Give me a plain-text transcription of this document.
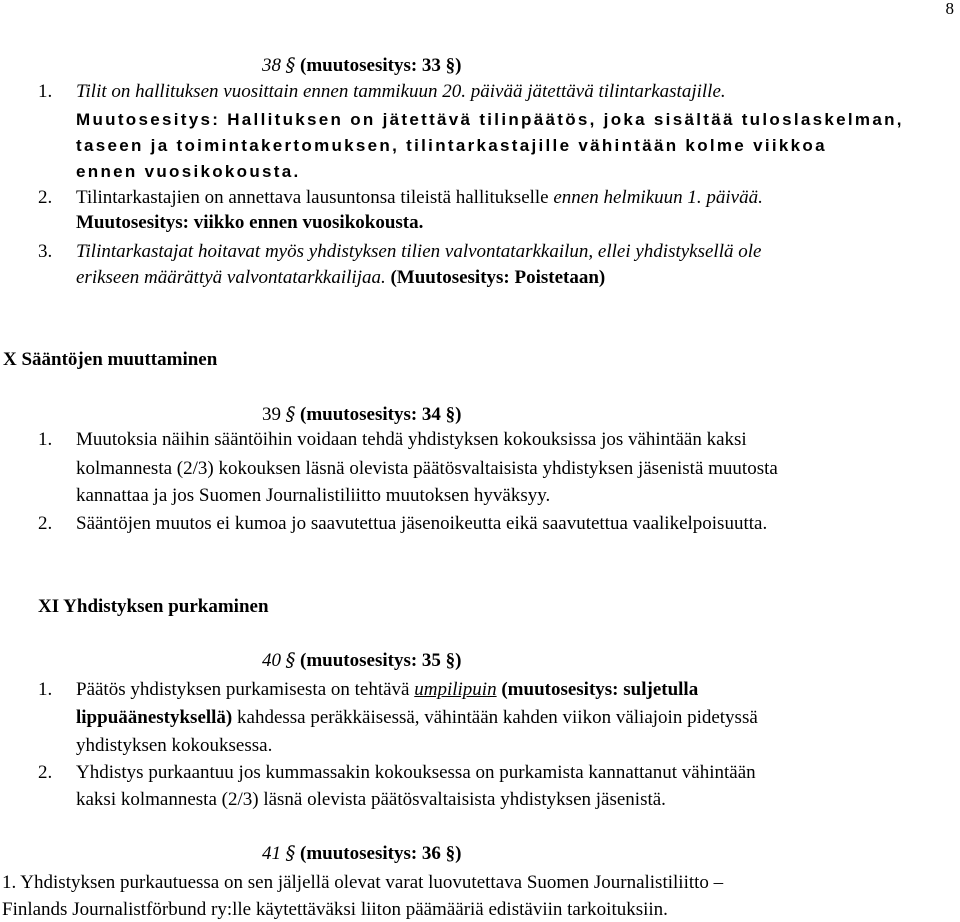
8
38 § (muutosesitys: 33 §)
1. Tilit on hallituksen vuosittain ennen tammikuun 20. päivää jätettävä tilintarkastajille.
Muutosesitys: Hallituksen on jätettävä tilinpäätös, joka sisältää tuloslaskelman,
taseen ja toimintakertomuksen, tilintarkastajille vähintään kolme viikkoa
ennen vuosikokousta.
2. Tilintarkastajien on annettava lausuntonsa tileistä hallitukselle ennen helmikuun 1. päivää.
Muutosesitys: viikko ennen vuosikokousta.
3. Tilintarkastajat hoitavat myös yhdistyksen tilien valvontatarkkailun, ellei yhdistyksellä ole
erikseen määrättyä valvontatarkkailijaa. (Muutosesitys: Poistetaan)
X Sääntöjen muuttaminen
39 § (muutosesitys: 34 §)
1. Muutoksia näihin sääntöihin voidaan tehdä yhdistyksen kokouksissa jos vähintään kaksi
kolmannesta (2/3) kokouksen läsnä olevista päätösvaltaisista yhdistyksen jäsenistä muutosta
kannattaa ja jos Suomen Journalistiliitto muutoksen hyväksyy.
2. Sääntöjen muutos ei kumoa jo saavutettua jäsenoikeutta eikä saavutettua vaalikelpoisuutta.
XI Yhdistyksen purkaminen
40 § (muutosesitys: 35 §)
1. Päätös yhdistyksen purkamisesta on tehtävä umpilipuin (muutosesitys: suljetulla
lippuäänestyksellä) kahdessa peräkkäisessä, vähintään kahden viikon väliajoin pidetyssä
yhdistyksen kokouksessa.
2. Yhdistys purkaantuu jos kummassakin kokouksessa on purkamista kannattanut vähintään
kaksi kolmannesta (2/3) läsnä olevista päätösvaltaisista yhdistyksen jäsenistä.
41 § (muutosesitys: 36 §)
1. Yhdistyksen purkautuessa on sen jäljellä olevat varat luovutettava Suomen Journalistiliitto –
Finlands Journalistförbund ry:lle käytettäväksi liiton päämääriä edistäviin tarkoituksiin.
